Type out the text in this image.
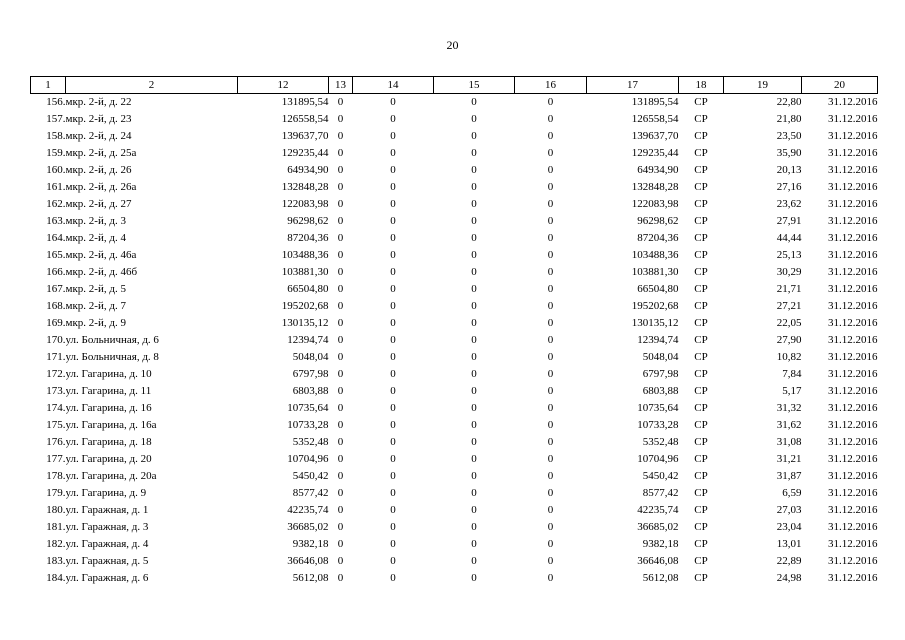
20
1	2	12	13	14	15	16	17	18	19	20
156.	мкр. 2-й, д. 22	131895,54	0	0	0	0	131895,54	СР	22,80	31.12.2016
157.	мкр. 2-й, д. 23	126558,54	0	0	0	0	126558,54	СР	21,80	31.12.2016
158.	мкр. 2-й, д. 24	139637,70	0	0	0	0	139637,70	СР	23,50	31.12.2016
159.	мкр. 2-й, д. 25а	129235,44	0	0	0	0	129235,44	СР	35,90	31.12.2016
160.	мкр. 2-й, д. 26	64934,90	0	0	0	0	64934,90	СР	20,13	31.12.2016
161.	мкр. 2-й, д. 26а	132848,28	0	0	0	0	132848,28	СР	27,16	31.12.2016
162.	мкр. 2-й, д. 27	122083,98	0	0	0	0	122083,98	СР	23,62	31.12.2016
163.	мкр. 2-й, д. 3	96298,62	0	0	0	0	96298,62	СР	27,91	31.12.2016
164.	мкр. 2-й, д. 4	87204,36	0	0	0	0	87204,36	СР	44,44	31.12.2016
165.	мкр. 2-й, д. 46а	103488,36	0	0	0	0	103488,36	СР	25,13	31.12.2016
166.	мкр. 2-й, д. 46б	103881,30	0	0	0	0	103881,30	СР	30,29	31.12.2016
167.	мкр. 2-й, д. 5	66504,80	0	0	0	0	66504,80	СР	21,71	31.12.2016
168.	мкр. 2-й, д. 7	195202,68	0	0	0	0	195202,68	СР	27,21	31.12.2016
169.	мкр. 2-й, д. 9	130135,12	0	0	0	0	130135,12	СР	22,05	31.12.2016
170.	ул. Больничная, д. 6	12394,74	0	0	0	0	12394,74	СР	27,90	31.12.2016
171.	ул. Больничная, д. 8	5048,04	0	0	0	0	5048,04	СР	10,82	31.12.2016
172.	ул. Гагарина, д. 10	6797,98	0	0	0	0	6797,98	СР	7,84	31.12.2016
173.	ул. Гагарина, д. 11	6803,88	0	0	0	0	6803,88	СР	5,17	31.12.2016
174.	ул. Гагарина, д. 16	10735,64	0	0	0	0	10735,64	СР	31,32	31.12.2016
175.	ул. Гагарина, д. 16а	10733,28	0	0	0	0	10733,28	СР	31,62	31.12.2016
176.	ул. Гагарина, д. 18	5352,48	0	0	0	0	5352,48	СР	31,08	31.12.2016
177.	ул. Гагарина, д. 20	10704,96	0	0	0	0	10704,96	СР	31,21	31.12.2016
178.	ул. Гагарина, д. 20а	5450,42	0	0	0	0	5450,42	СР	31,87	31.12.2016
179.	ул. Гагарина, д. 9	8577,42	0	0	0	0	8577,42	СР	6,59	31.12.2016
180.	ул. Гаражная, д. 1	42235,74	0	0	0	0	42235,74	СР	27,03	31.12.2016
181.	ул. Гаражная, д. 3	36685,02	0	0	0	0	36685,02	СР	23,04	31.12.2016
182.	ул. Гаражная, д. 4	9382,18	0	0	0	0	9382,18	СР	13,01	31.12.2016
183.	ул. Гаражная, д. 5	36646,08	0	0	0	0	36646,08	СР	22,89	31.12.2016
184.	ул. Гаражная, д. 6	5612,08	0	0	0	0	5612,08	СР	24,98	31.12.2016
